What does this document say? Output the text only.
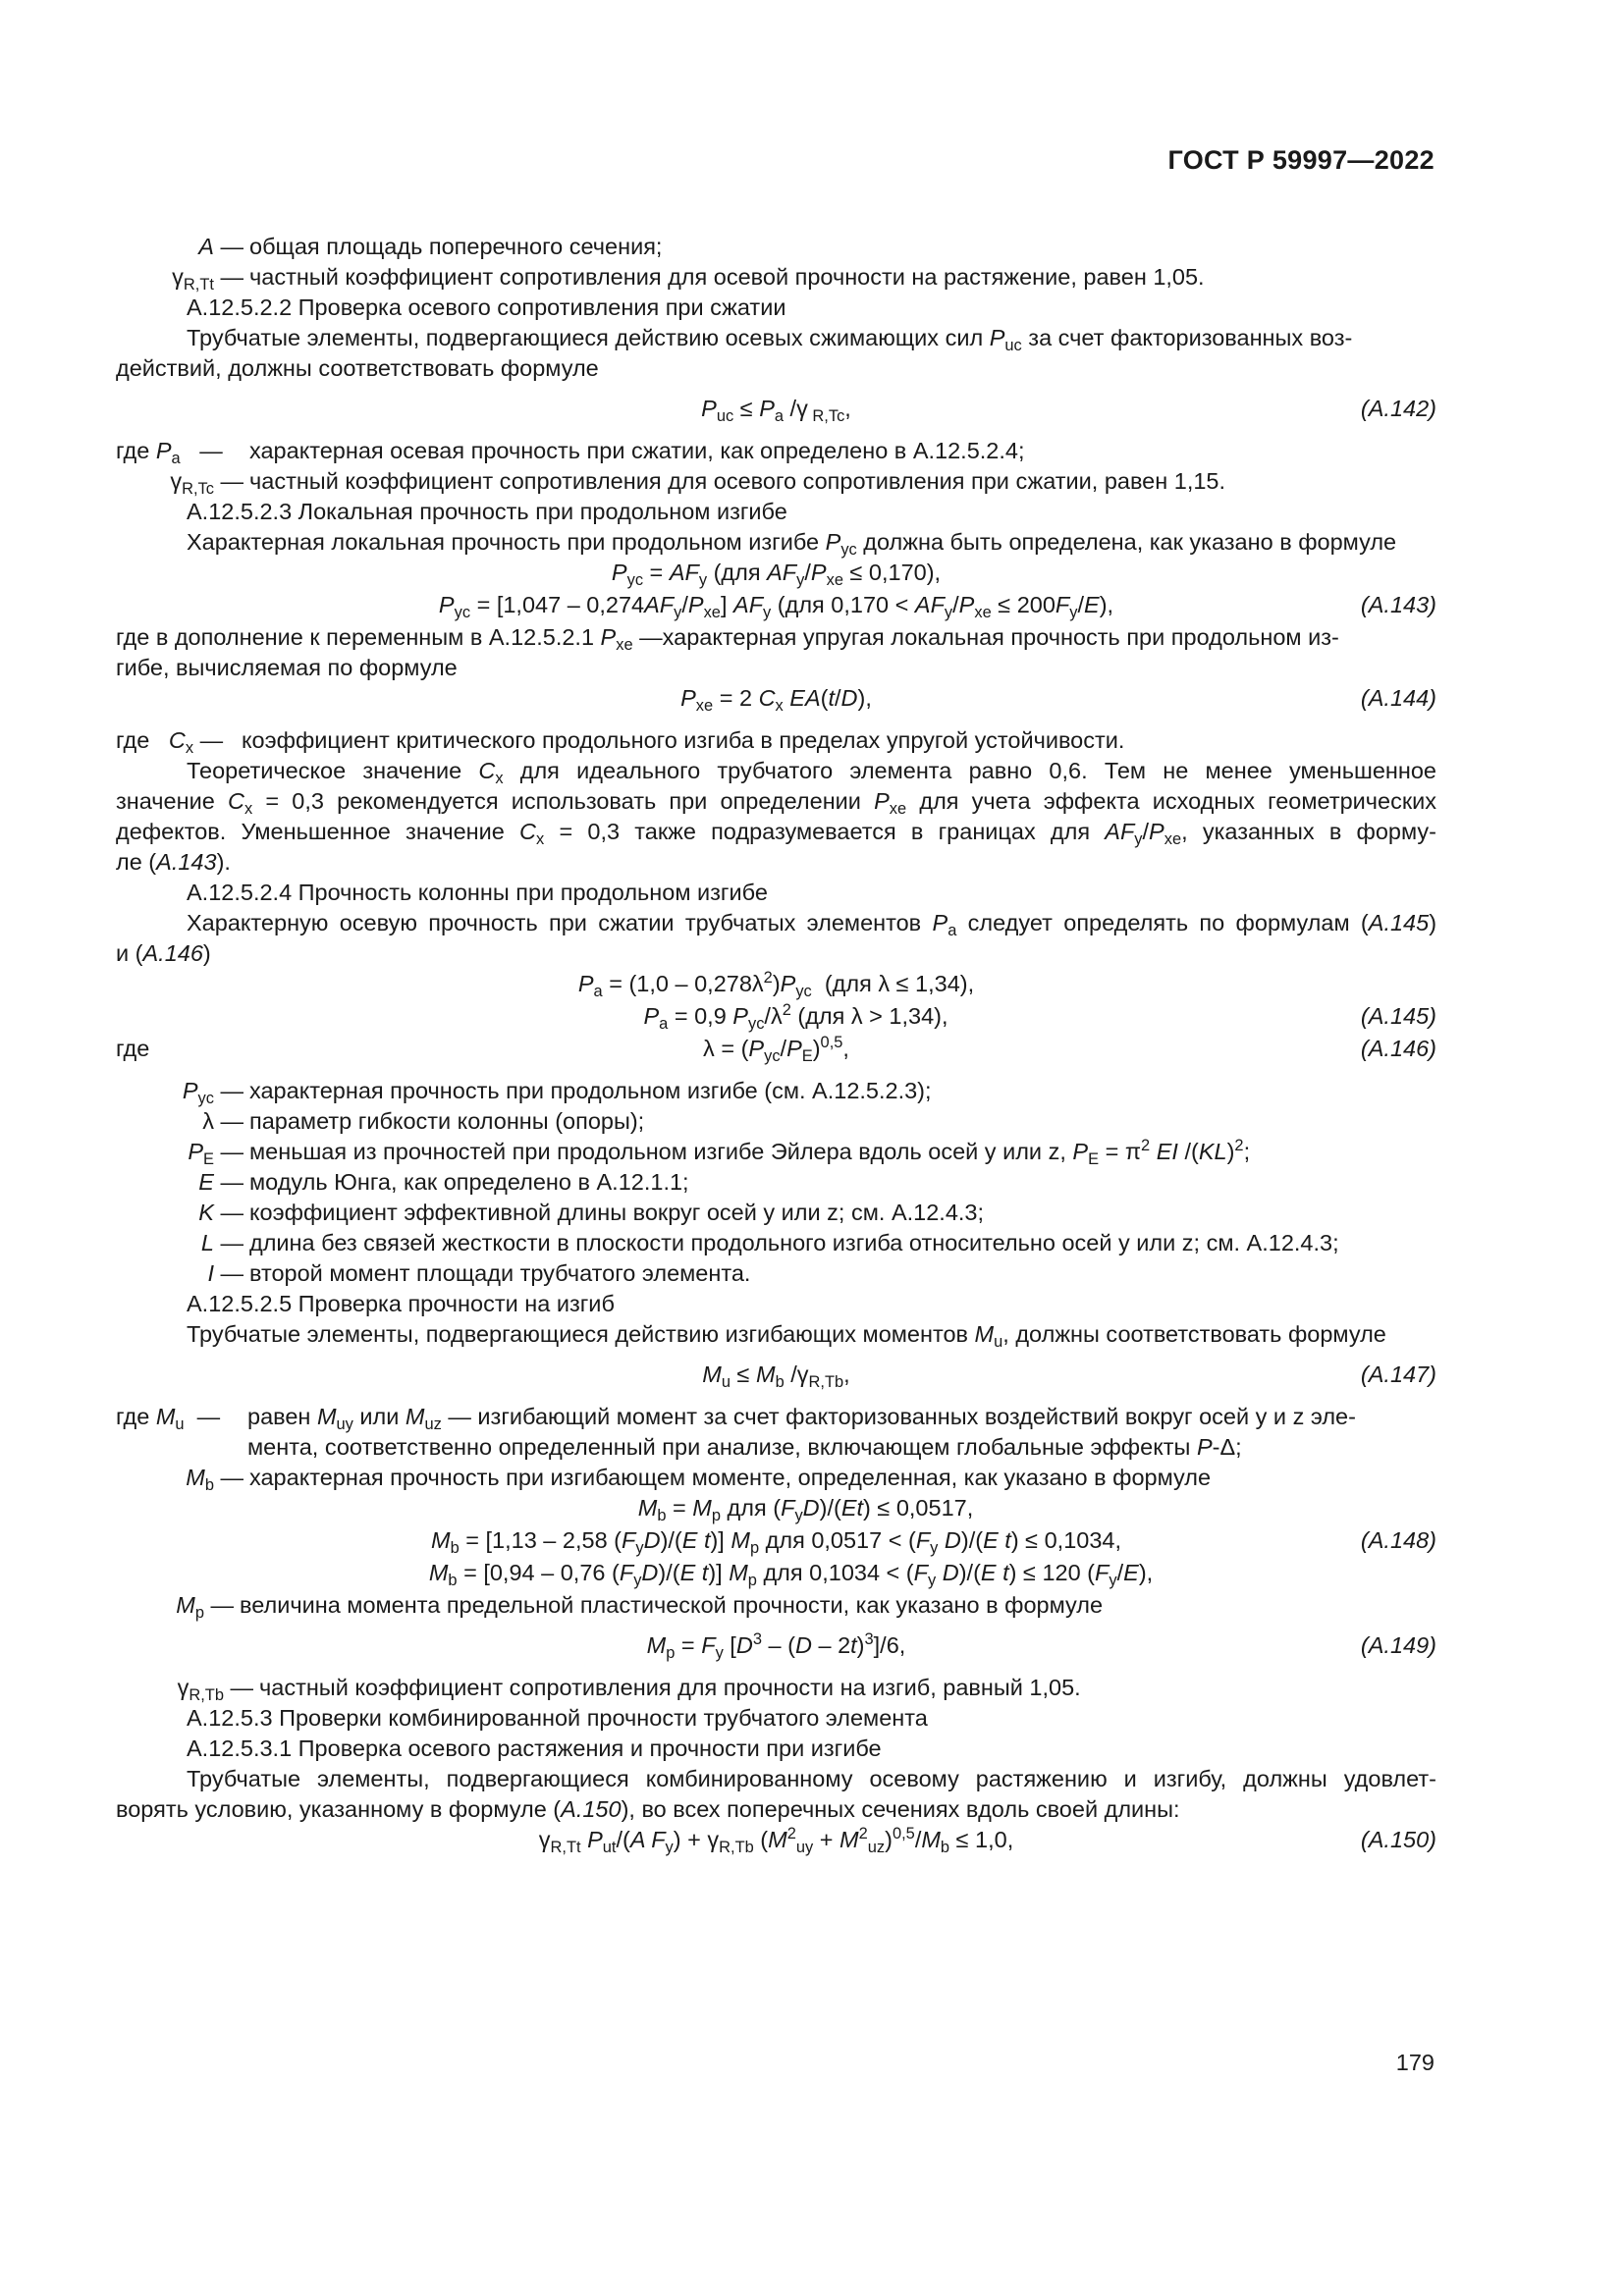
ГОСТ Р 59997—2022
A — общая площадь поперечного сечения;
$\gamma_{R,Tt}$ — частный коэффициент сопротивления для осевой прочности на растяжение, равен 1,05.
А.12.5.2.2 Проверка осевого сопротивления при сжатии
Трубчатые элементы, подвергающиеся действию осевых сжимающих сил $P_{uc}$ за счет факторизованных воз-
действий, должны соответствовать формуле
$P_{uc} \le P_a$ /γ $_{R,Tc}$,	(A.142)
где $P_a$   — характерная осевая прочность при сжатии, как определено в А.12.5.2.4;
$\gamma_{R,Tc}$ — частный коэффициент сопротивления для осевого сопротивления при сжатии, равен 1,15.
А.12.5.2.3 Локальная прочность при продольном изгибе
Характерная локальная прочность при продольном изгибе $P_{yc}$ должна быть определена, как указано в формуле
$P_{yc} = AF_y$ (для $AF_y/P_{xe} \le 0,170$),
$P_{yc} = [1,047 - 0,274AF_y/P_{xe}]$ $AF_y$ (для $0,170 < AF_y/P_{xe} \le 200F_y/E$),	(A.143)
где в дополнение к переменным в А.12.5.2.1 $P_{xe}$ —характерная упругая локальная прочность при продольном из-
гибе, вычисляемая по формуле
$P_{xe} = 2$ $C_x$ EA(t/D),	(A.144)
где   $C_x$ — коэффициент критического продольного изгиба в пределах упругой устойчивости.
Теоретическое значение $C_x$ для идеального трубчатого элемента равно 0,6. Тем не менее уменьшенное
значение $C_x = 0,3$ рекомендуется использовать при определении $P_{xe}$ для учета эффекта исходных геометрических
дефектов. Уменьшенное значение $C_x = 0,3$ также подразумевается в границах для $AF_y/P_{xe}$, указанных в форму-
ле (A.143).
А.12.5.2.4 Прочность колонны при продольном изгибе
Характерную осевую прочность при сжатии трубчатых элементов $P_a$ следует определять по формулам (A.145)
и (A.146)
$P_a = (1,0 - 0,278\lambda^2)P_{yc}$  (для λ ≤ 1,34),
$P_a = 0,9$ $P_{yc}/\lambda^2$ (для λ > 1,34),	(A.145)
где	$\lambda = (P_{yc}/P_E)^{0,5}$,	(A.146)
$P_{yc}$ — характерная прочность при продольном изгибе (см. А.12.5.2.3);
λ — параметр гибкости колонны (опоры);
$P_E$ — меньшая из прочностей при продольном изгибе Эйлера вдоль осей y или z, $P_E = \pi^2$ EI /(KL)$^2$;
E — модуль Юнга, как определено в А.12.1.1;
K — коэффициент эффективной длины вокруг осей y или z; см. А.12.4.3;
L — длина без связей жесткости в плоскости продольного изгиба относительно осей y или z; см. А.12.4.3;
I — второй момент площади трубчатого элемента.
А.12.5.2.5 Проверка прочности на изгиб
Трубчатые элементы, подвергающиеся действию изгибающих моментов $M_u$, должны соответствовать формуле
$M_u \le M_b$ $/\gamma_{R,Tb}$,	(A.147)
где $M_u$  — равен $M_{uy}$ или $M_{uz}$ — изгибающий момент за счет факторизованных воздействий вокруг осей y и z эле-
мента, соответственно определенный при анализе, включающем глобальные эффекты P-Δ;
$M_b$ — характерная прочность при изгибающем моменте, определенная, как указано в формуле
$M_b = M_p$ для $(F_yD)/(Et) \le 0,0517$,
$M_b = [1,13 - 2,58$ $(F_yD)/(E$ t)] $M_p$ для $0,0517 < (F_y$ D)/(E t) ≤ 0,1034,	(A.148)
$M_b = [0,94 - 0,76$ $(F_yD)/(E$ t)] $M_p$ для $0,1034 < (F_y$ D)/(E t) ≤ 120 $(F_y/E)$,
$M_p$ — величина момента предельной пластической прочности, как указано в формуле
$M_p = F_y$ $[D^3 - (D - 2t)^3]/6$,	(A.149)
$\gamma_{R,Tb}$ — частный коэффициент сопротивления для прочности на изгиб, равный 1,05.
А.12.5.3 Проверки комбинированной прочности трубчатого элемента
А.12.5.3.1 Проверка осевого растяжения и прочности при изгибе
Трубчатые элементы, подвергающиеся комбинированному осевому растяжению и изгибу, должны удовлет-
ворять условию, указанному в формуле (A.150), во всех поперечных сечениях вдоль своей длины:
$\gamma_{R,Tt}$ $P_{ut}/(A$ $F_y) + \gamma_{R,Tb}$ $(M^2_{uy} + M^2_{uz})^{0,5}/M_b \le 1,0$,	(A.150)
179
